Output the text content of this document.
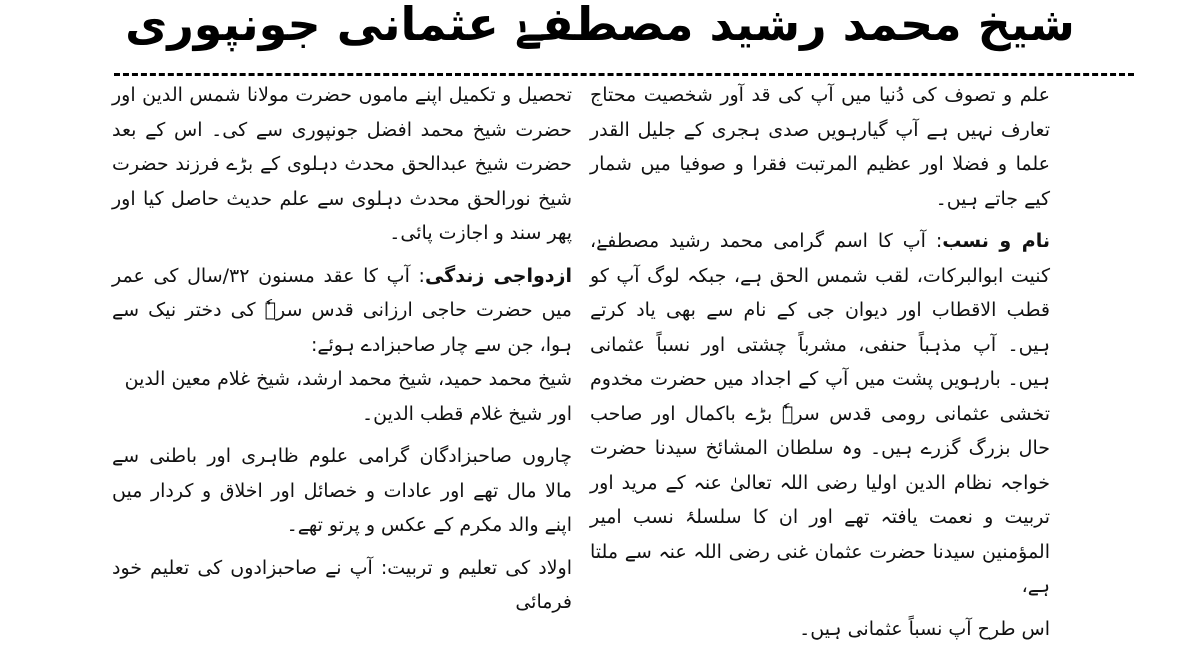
شیخ محمد رشید مصطفےٰ عثمانی جونپوری

علم و تصوف کی دُنیا میں آپ کی قد آور شخصیت محتاج تعارف نہیں ہے آپ گیارہویں صدی ہجری کے جلیل القدر علما و فضلا اور عظیم المرتبت فقرا و صوفیا میں شمار کیے جاتے ہیں۔

نام و نسب: آپ کا اسم گرامی محمد رشید مصطفےٰ، کنیت ابوالبرکات، لقب شمس الحق ہے، جبکہ لوگ آپ کو قطب الاقطاب اور دیوان جی کے نام سے بھی یاد کرتے ہیں۔ آپ مذہباً حنفی، مشرباً چشتی اور نسباً عثمانی ہیں۔ بارہویں پشت میں آپ کے اجداد میں حضرت مخدوم تخشی عثمانی رومی قدس سرہٗ بڑے باکمال اور صاحب حال بزرگ گزرے ہیں۔ وہ سلطان المشائخ سیدنا حضرت خواجہ نظام الدین اولیا رضی اللہ تعالیٰ عنہ کے مرید اور تربیت و نعمت یافتہ تھے اور ان کا سلسلۂ نسب امیر المؤمنین سیدنا حضرت عثمان غنی رضی اللہ عنہ سے ملتا ہے،

اس طرح آپ نسباً عثمانی ہیں۔

تحصیل و تکمیل اپنے ماموں حضرت مولانا شمس الدین اور حضرت شیخ محمد افضل جونپوری سے کی۔ اس کے بعد حضرت شیخ عبدالحق محدث دہلوی کے بڑے فرزند حضرت شیخ نورالحق محدث دہلوی سے علم حدیث حاصل کیا اور پھر سند و اجازت پائی۔

ازدواجی زندگی: آپ کا عقد مسنون ۳۲/سال کی عمر میں حضرت حاجی ارزانی قدس سرہٗ کی دختر نیک سے ہوا، جن سے چار صاحبزادے ہوئے:

شیخ محمد حمید، شیخ محمد ارشد، شیخ غلام معین الدین اور شیخ غلام قطب الدین۔

چاروں صاحبزادگان گرامی علوم ظاہری اور باطنی سے مالا مال تھے اور عادات و خصائل اور اخلاق و کردار میں اپنے والد مکرم کے عکس و پرتو تھے۔

اولاد کی تعلیم و تربیت: آپ نے صاحبزادوں کی تعلیم خود فرمائی
